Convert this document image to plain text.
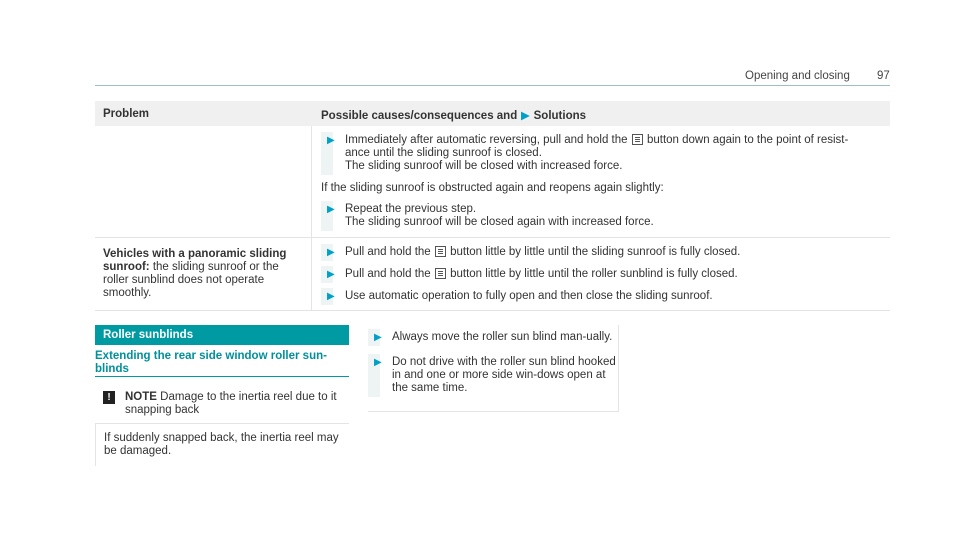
Opening and closing 97
Problem	Possible causes/consequences and ▶ Solutions
▶ Immediately after automatic reversing, pull and hold the button down again to the point of resist-
ance until the sliding sunroof is closed.
The sliding sunroof will be closed with increased force.
If the sliding sunroof is obstructed again and reopens again slightly:
▶ Repeat the previous step.
The sliding sunroof will be closed again with increased force.
Vehicles with a panoramic sliding sunroof: the sliding sunroof or the roller sunblind does not operate smoothly.
▶ Pull and hold the button little by little until the sliding sunroof is fully closed.
▶ Pull and hold the button little by little until the roller sunblind is fully closed.
▶ Use automatic operation to fully open and then close the sliding sunroof.
Roller sunblinds
Extending the rear side window roller sun-blinds
!	NOTE Damage to the inertia reel due to it snapping back
If suddenly snapped back, the inertia reel may be damaged.
▶ Always move the roller sun blind man-ually.
▶ Do not drive with the roller sun blind hooked in and one or more side win-dows open at the same time.
